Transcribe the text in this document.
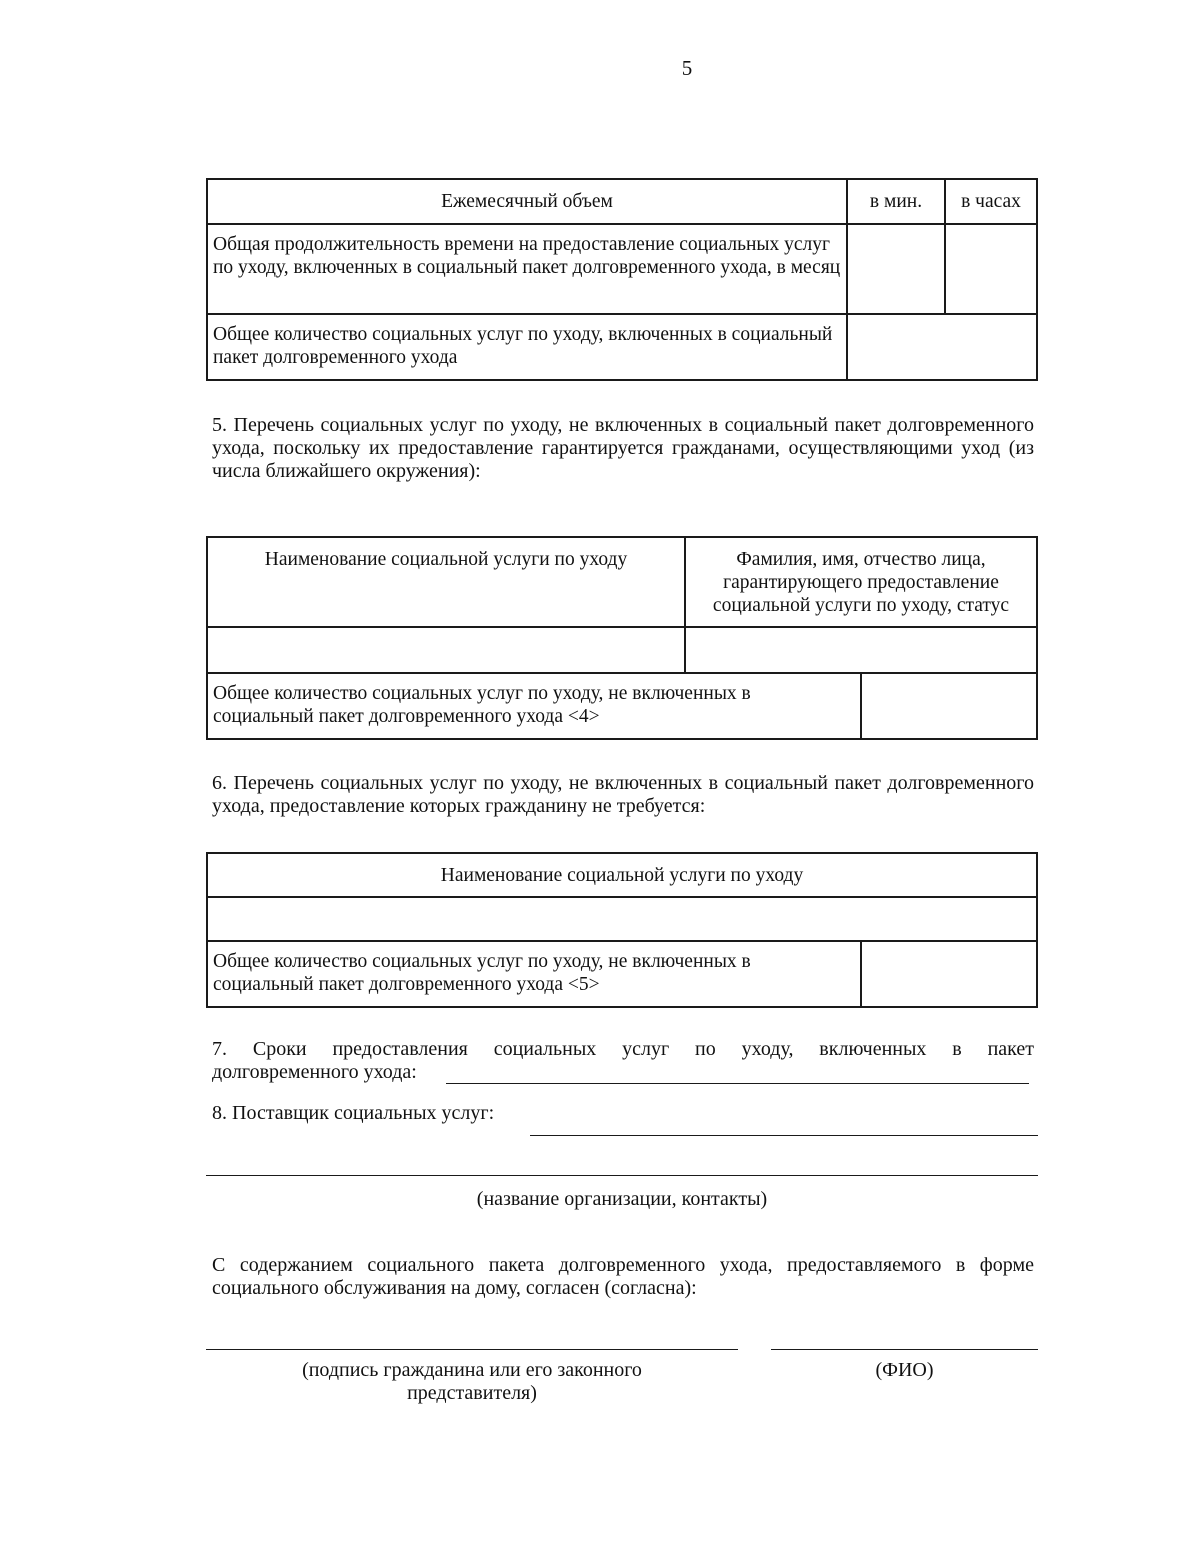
5
Ежемесячный объем	в мин.	в часах
Общая продолжительность времени на предоставление социальных услуг по уходу, включенных в социальный пакет долговременного ухода, в месяц		
Общее количество социальных услуг по уходу, включенных в социальный пакет долговременного ухода		
5. Перечень социальных услуг по уходу, не включенных в социальный пакет долговременного ухода, поскольку их предоставление гарантируется гражданами, осуществляющими уход (из числа ближайшего окружения):
Наименование социальной услуги по уходу	Фамилия, имя, отчество лица, гарантирующего предоставление социальной услуги по уходу, статус	

Общее количество социальных услуг по уходу, не включенных в социальный пакет долговременного ухода <4>		
6. Перечень социальных услуг по уходу, не включенных в социальный пакет долговременного ухода, предоставление которых гражданину не требуется:
Наименование социальной услуги по уходу

Общее количество социальных услуг по уходу, не включенных в социальный пакет долговременного ухода <5>	
7. Сроки предоставления социальных услуг по уходу, включенных в пакет
долговременного ухода:
8. Поставщик социальных услуг:
(название организации, контакты)
С содержанием социального пакета долговременного ухода, предоставляемого в форме социального обслуживания на дому, согласен (согласна):
(подпись гражданина или его законного
представителя)
(ФИО)
